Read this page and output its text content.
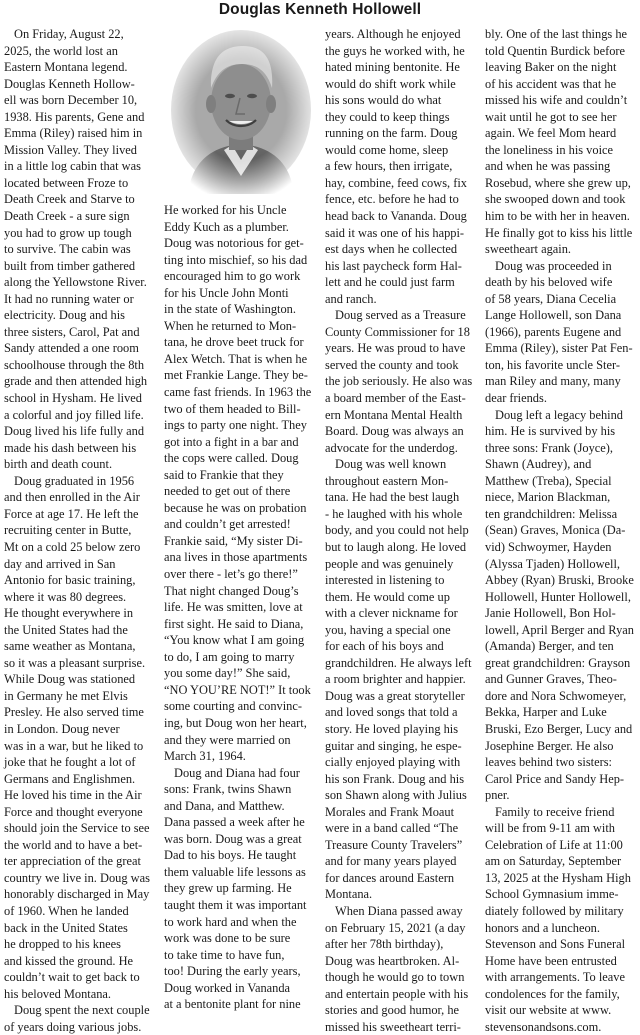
Douglas Kenneth Hollowell

On Friday, August 22,
2025, the world lost an
Eastern Montana legend.
Douglas Kenneth Hollow-
ell was born December 10,
1938. His parents, Gene and
Emma (Riley) raised him in
Mission Valley. They lived
in a little log cabin that was
located between Froze to
Death Creek and Starve to
Death Creek - a sure sign
you had to grow up tough
to survive. The cabin was
built from timber gathered
along the Yellowstone River.
It had no running water or
electricity. Doug and his
three sisters, Carol, Pat and
Sandy attended a one room
schoolhouse through the 8th
grade and then attended high
school in Hysham. He lived
a colorful and joy filled life.
Doug lived his life fully and
made his dash between his
birth and death count.

Doug graduated in 1956
and then enrolled in the Air
Force at age 17. He left the
recruiting center in Butte,
Mt on a cold 25 below zero
day and arrived in San
Antonio for basic training,
where it was 80 degrees.
He thought everywhere in
the United States had the
same weather as Montana,
so it was a pleasant surprise.
While Doug was stationed
in Germany he met Elvis
Presley. He also served time
in London. Doug never
was in a war, but he liked to
joke that he fought a lot of
Germans and Englishmen.
He loved his time in the Air
Force and thought everyone
should join the Service to see
the world and to have a bet-
ter appreciation of the great
country we live in. Doug was
honorably discharged in May
of 1960. When he landed
back in the United States
he dropped to his knees
and kissed the ground. He
couldn’t wait to get back to
his beloved Montana.

Doug spent the next couple
of years doing various jobs.

He worked for his Uncle
Eddy Kuch as a plumber.
Doug was notorious for get-
ting into mischief, so his dad
encouraged him to go work
for his Uncle John Monti
in the state of Washington.
When he returned to Mon-
tana, he drove beet truck for
Alex Wetch. That is when he
met Frankie Lange. They be-
came fast friends. In 1963 the
two of them headed to Bill-
ings to party one night. They
got into a fight in a bar and
the cops were called. Doug
said to Frankie that they
needed to get out of there
because he was on probation
and couldn’t get arrested!
Frankie said, “My sister Di-
ana lives in those apartments
over there - let’s go there!”
That night changed Doug’s
life. He was smitten, love at
first sight. He said to Diana,
“You know what I am going
to do, I am going to marry
you some day!” She said,
“NO YOU’RE NOT!” It took
some courting and convinc-
ing, but Doug won her heart,
and they were married on
March 31, 1964.

Doug and Diana had four
sons: Frank, twins Shawn
and Dana, and Matthew.
Dana passed a week after he
was born. Doug was a great
Dad to his boys. He taught
them valuable life lessons as
they grew up farming. He
taught them it was important
to work hard and when the
work was done to be sure
to take time to have fun,
too! During the early years,
Doug worked in Vananda
at a bentonite plant for nine

years. Although he enjoyed
the guys he worked with, he
hated mining bentonite. He
would do shift work while
his sons would do what
they could to keep things
running on the farm. Doug
would come home, sleep
a few hours, then irrigate,
hay, combine, feed cows, fix
fence, etc. before he had to
head back to Vananda. Doug
said it was one of his happi-
est days when he collected
his last paycheck form Hal-
lett and he could just farm
and ranch.

Doug served as a Treasure
County Commissioner for 18
years. He was proud to have
served the county and took
the job seriously. He also was
a board member of the East-
ern Montana Mental Health
Board. Doug was always an
advocate for the underdog.

Doug was well known
throughout eastern Mon-
tana. He had the best laugh
- he laughed with his whole
body, and you could not help
but to laugh along. He loved
people and was genuinely
interested in listening to
them. He would come up
with a clever nickname for
you, having a special one
for each of his boys and
grandchildren. He always left
a room brighter and happier.
Doug was a great storyteller
and loved songs that told a
story. He loved playing his
guitar and singing, he espe-
cially enjoyed playing with
his son Frank. Doug and his
son Shawn along with Julius
Morales and Frank Moaut
were in a band called “The
Treasure County Travelers”
and for many years played
for dances around Eastern
Montana.

When Diana passed away
on February 15, 2021 (a day
after her 78th birthday),
Doug was heartbroken. Al-
though he would go to town
and entertain people with his
stories and good humor, he
missed his sweetheart terri-

bly. One of the last things he
told Quentin Burdick before
leaving Baker on the night
of his accident was that he
missed his wife and couldn’t
wait until he got to see her
again. We feel Mom heard
the loneliness in his voice
and when he was passing
Rosebud, where she grew up,
she swooped down and took
him to be with her in heaven.
He finally got to kiss his little
sweetheart again.

Doug was proceeded in
death by his beloved wife
of 58 years, Diana Cecelia
Lange Hollowell, son Dana
(1966), parents Eugene and
Emma (Riley), sister Pat Fen-
ton, his favorite uncle Ster-
man Riley and many, many
dear friends.

Doug left a legacy behind
him. He is survived by his
three sons: Frank (Joyce),
Shawn (Audrey), and
Matthew (Treba), Special
niece, Marion Blackman,
ten grandchildren: Melissa
(Sean) Graves, Monica (Da-
vid) Schwoymer, Hayden
(Alyssa Tjaden) Hollowell,
Abbey (Ryan) Bruski, Brooke
Hollowell, Hunter Hollowell,
Janie Hollowell, Bon Hol-
lowell, April Berger and Ryan
(Amanda) Berger, and ten
great grandchildren: Grayson
and Gunner Graves, Theo-
dore and Nora Schwomeyer,
Bekka, Harper and Luke
Bruski, Ezo Berger, Lucy and
Josephine Berger. He also
leaves behind two sisters:
Carol Price and Sandy Hep-
pner.

Family to receive friend
will be from 9-11 am with
Celebration of Life at 11:00
am on Saturday, September
13, 2025 at the Hysham High
School Gymnasium imme-
diately followed by military
honors and a luncheon.
Stevenson and Sons Funeral
Home have been entrusted
with arrangements. To leave
condolences for the family,
visit our website at www.
stevensonandsons.com.
